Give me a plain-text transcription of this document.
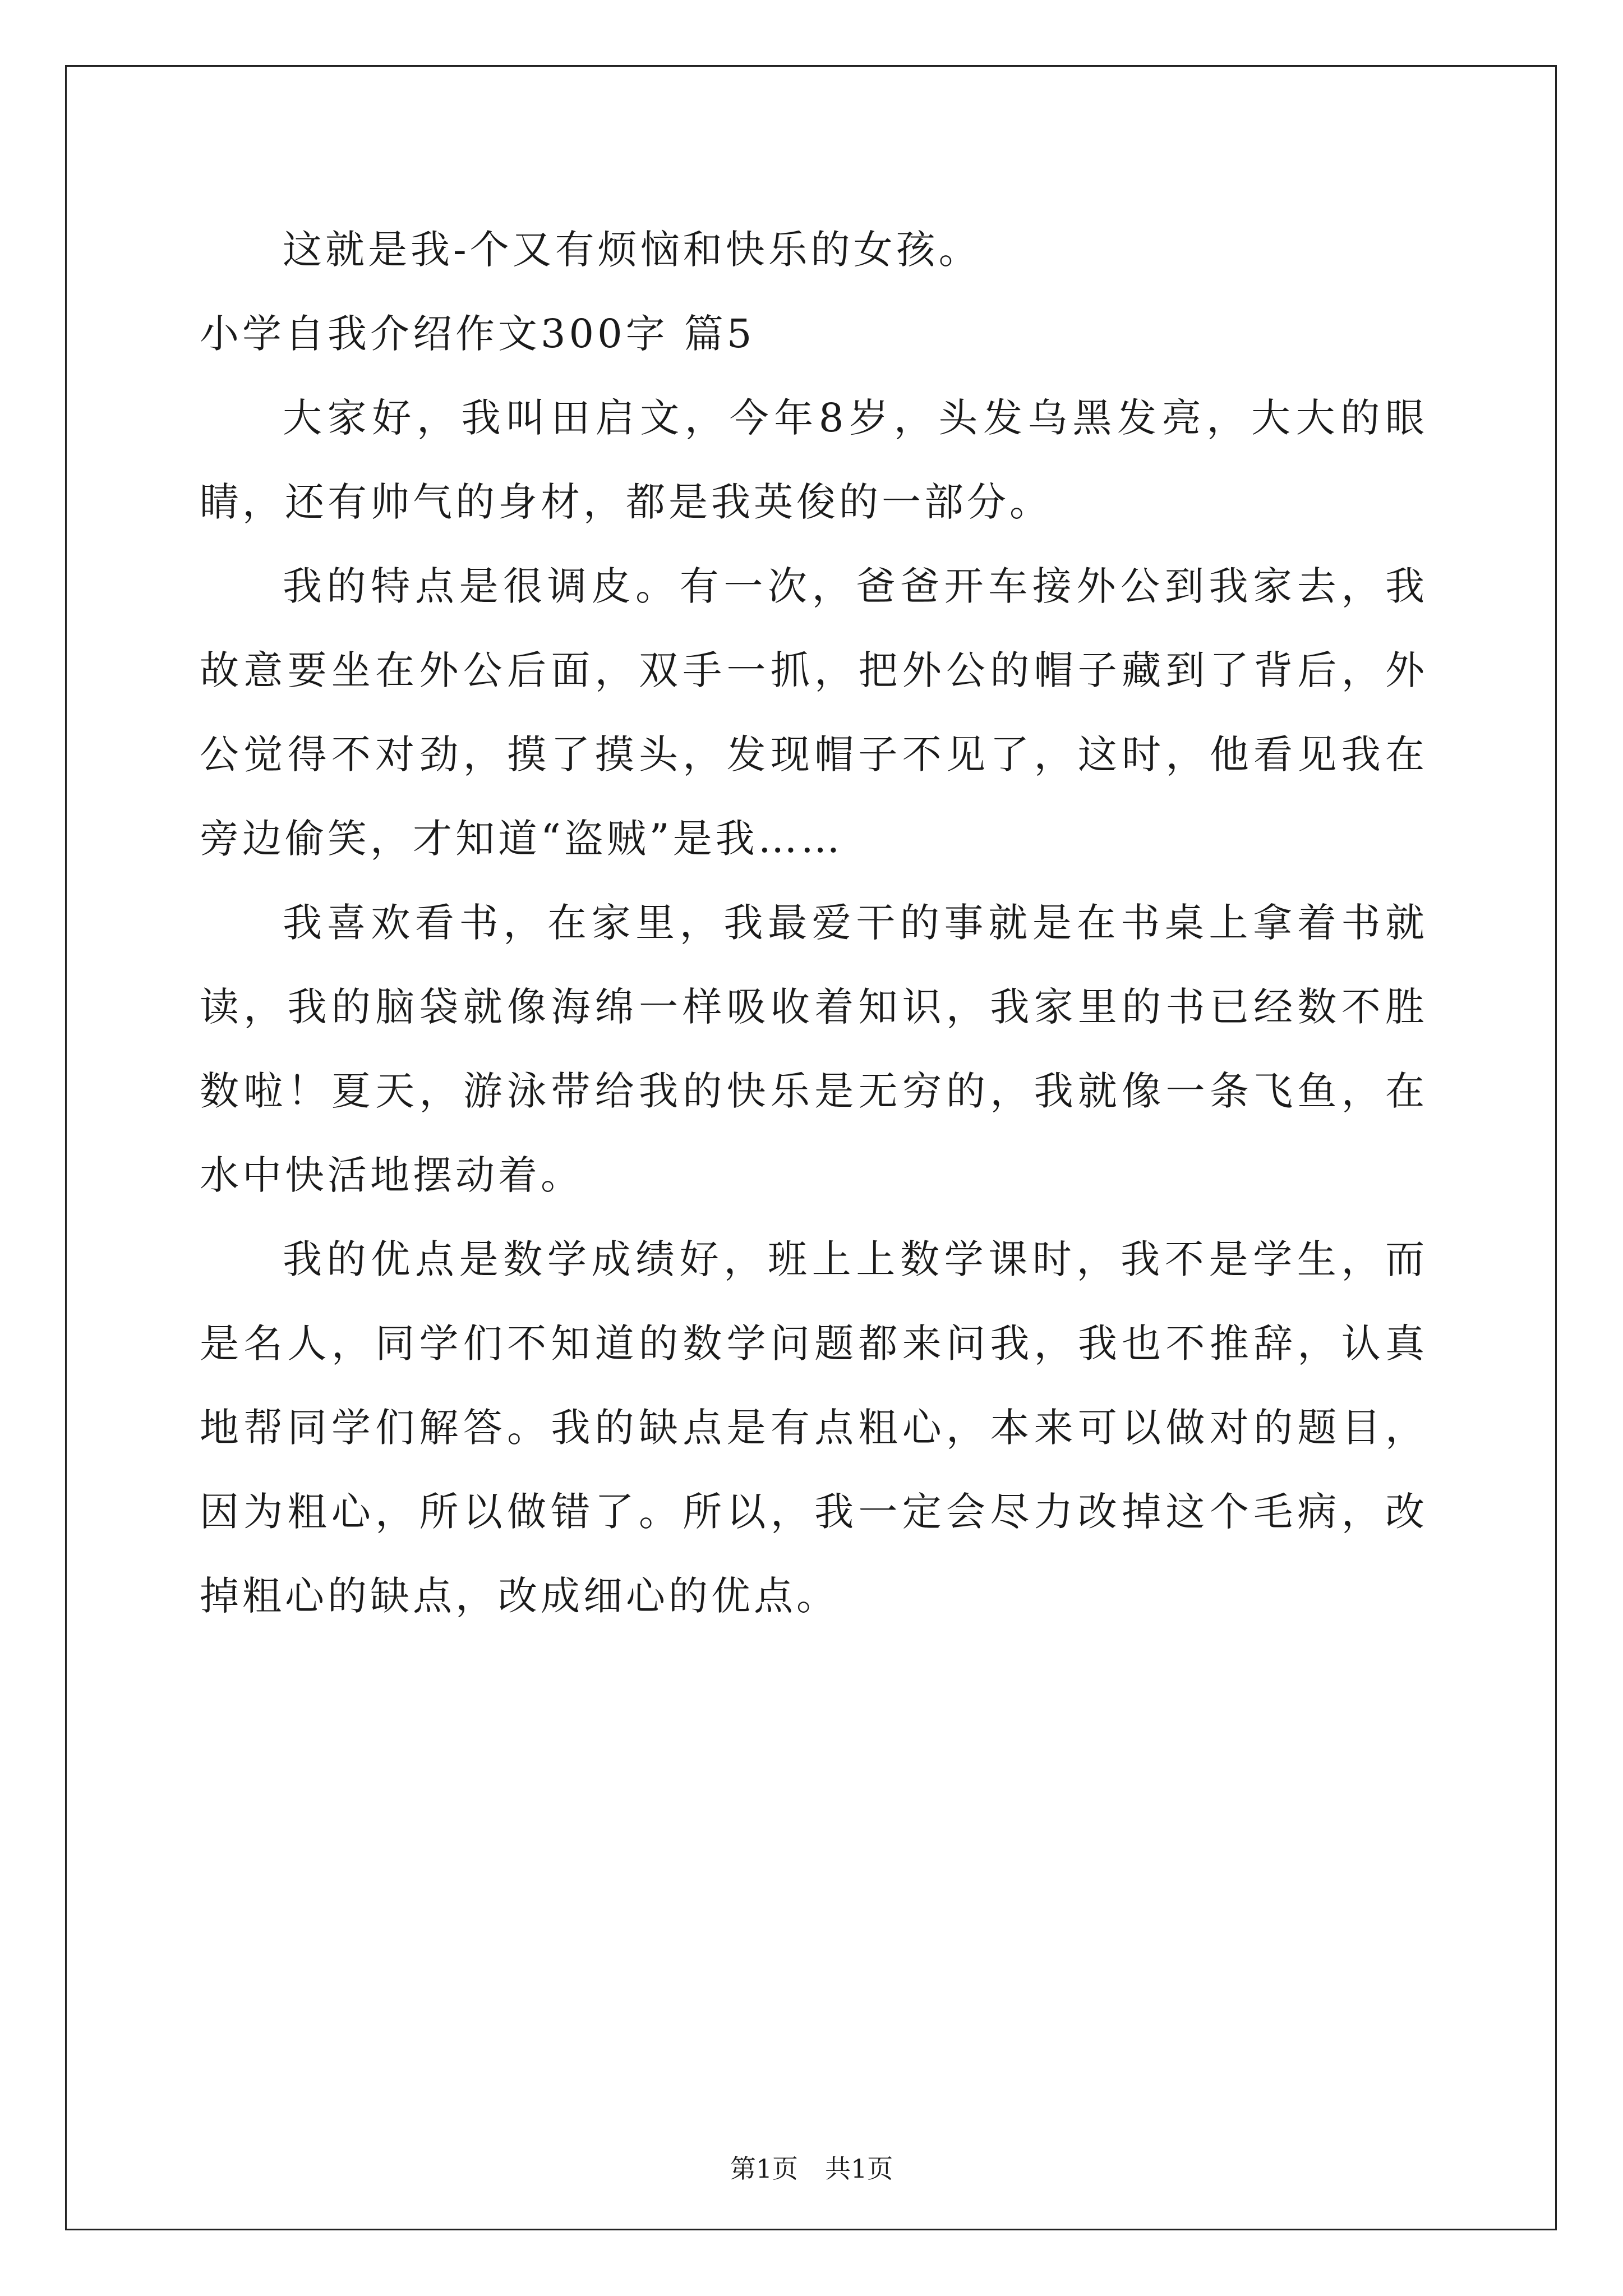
这就是我-个又有烦恼和快乐的女孩。

小学自我介绍作文300字 篇5

大家好，我叫田启文，今年8岁，头发乌黑发亮，大大的眼睛，还有帅气的身材，都是我英俊的一部分。

我的特点是很调皮。有一次，爸爸开车接外公到我家去，我故意要坐在外公后面，双手一抓，把外公的帽子藏到了背后，外公觉得不对劲，摸了摸头，发现帽子不见了，这时，他看见我在旁边偷笑，才知道“盗贼”是我……

我喜欢看书，在家里，我最爱干的事就是在书桌上拿着书就读，我的脑袋就像海绵一样吸收着知识，我家里的书已经数不胜数啦！夏天，游泳带给我的快乐是无穷的，我就像一条飞鱼，在水中快活地摆动着。

我的优点是数学成绩好，班上上数学课时，我不是学生，而是名人，同学们不知道的数学问题都来问我，我也不推辞，认真地帮同学们解答。我的缺点是有点粗心，本来可以做对的题目，因为粗心，所以做错了。所以，我一定会尽力改掉这个毛病，改掉粗心的缺点，改成细心的优点。

第1页 共1页
